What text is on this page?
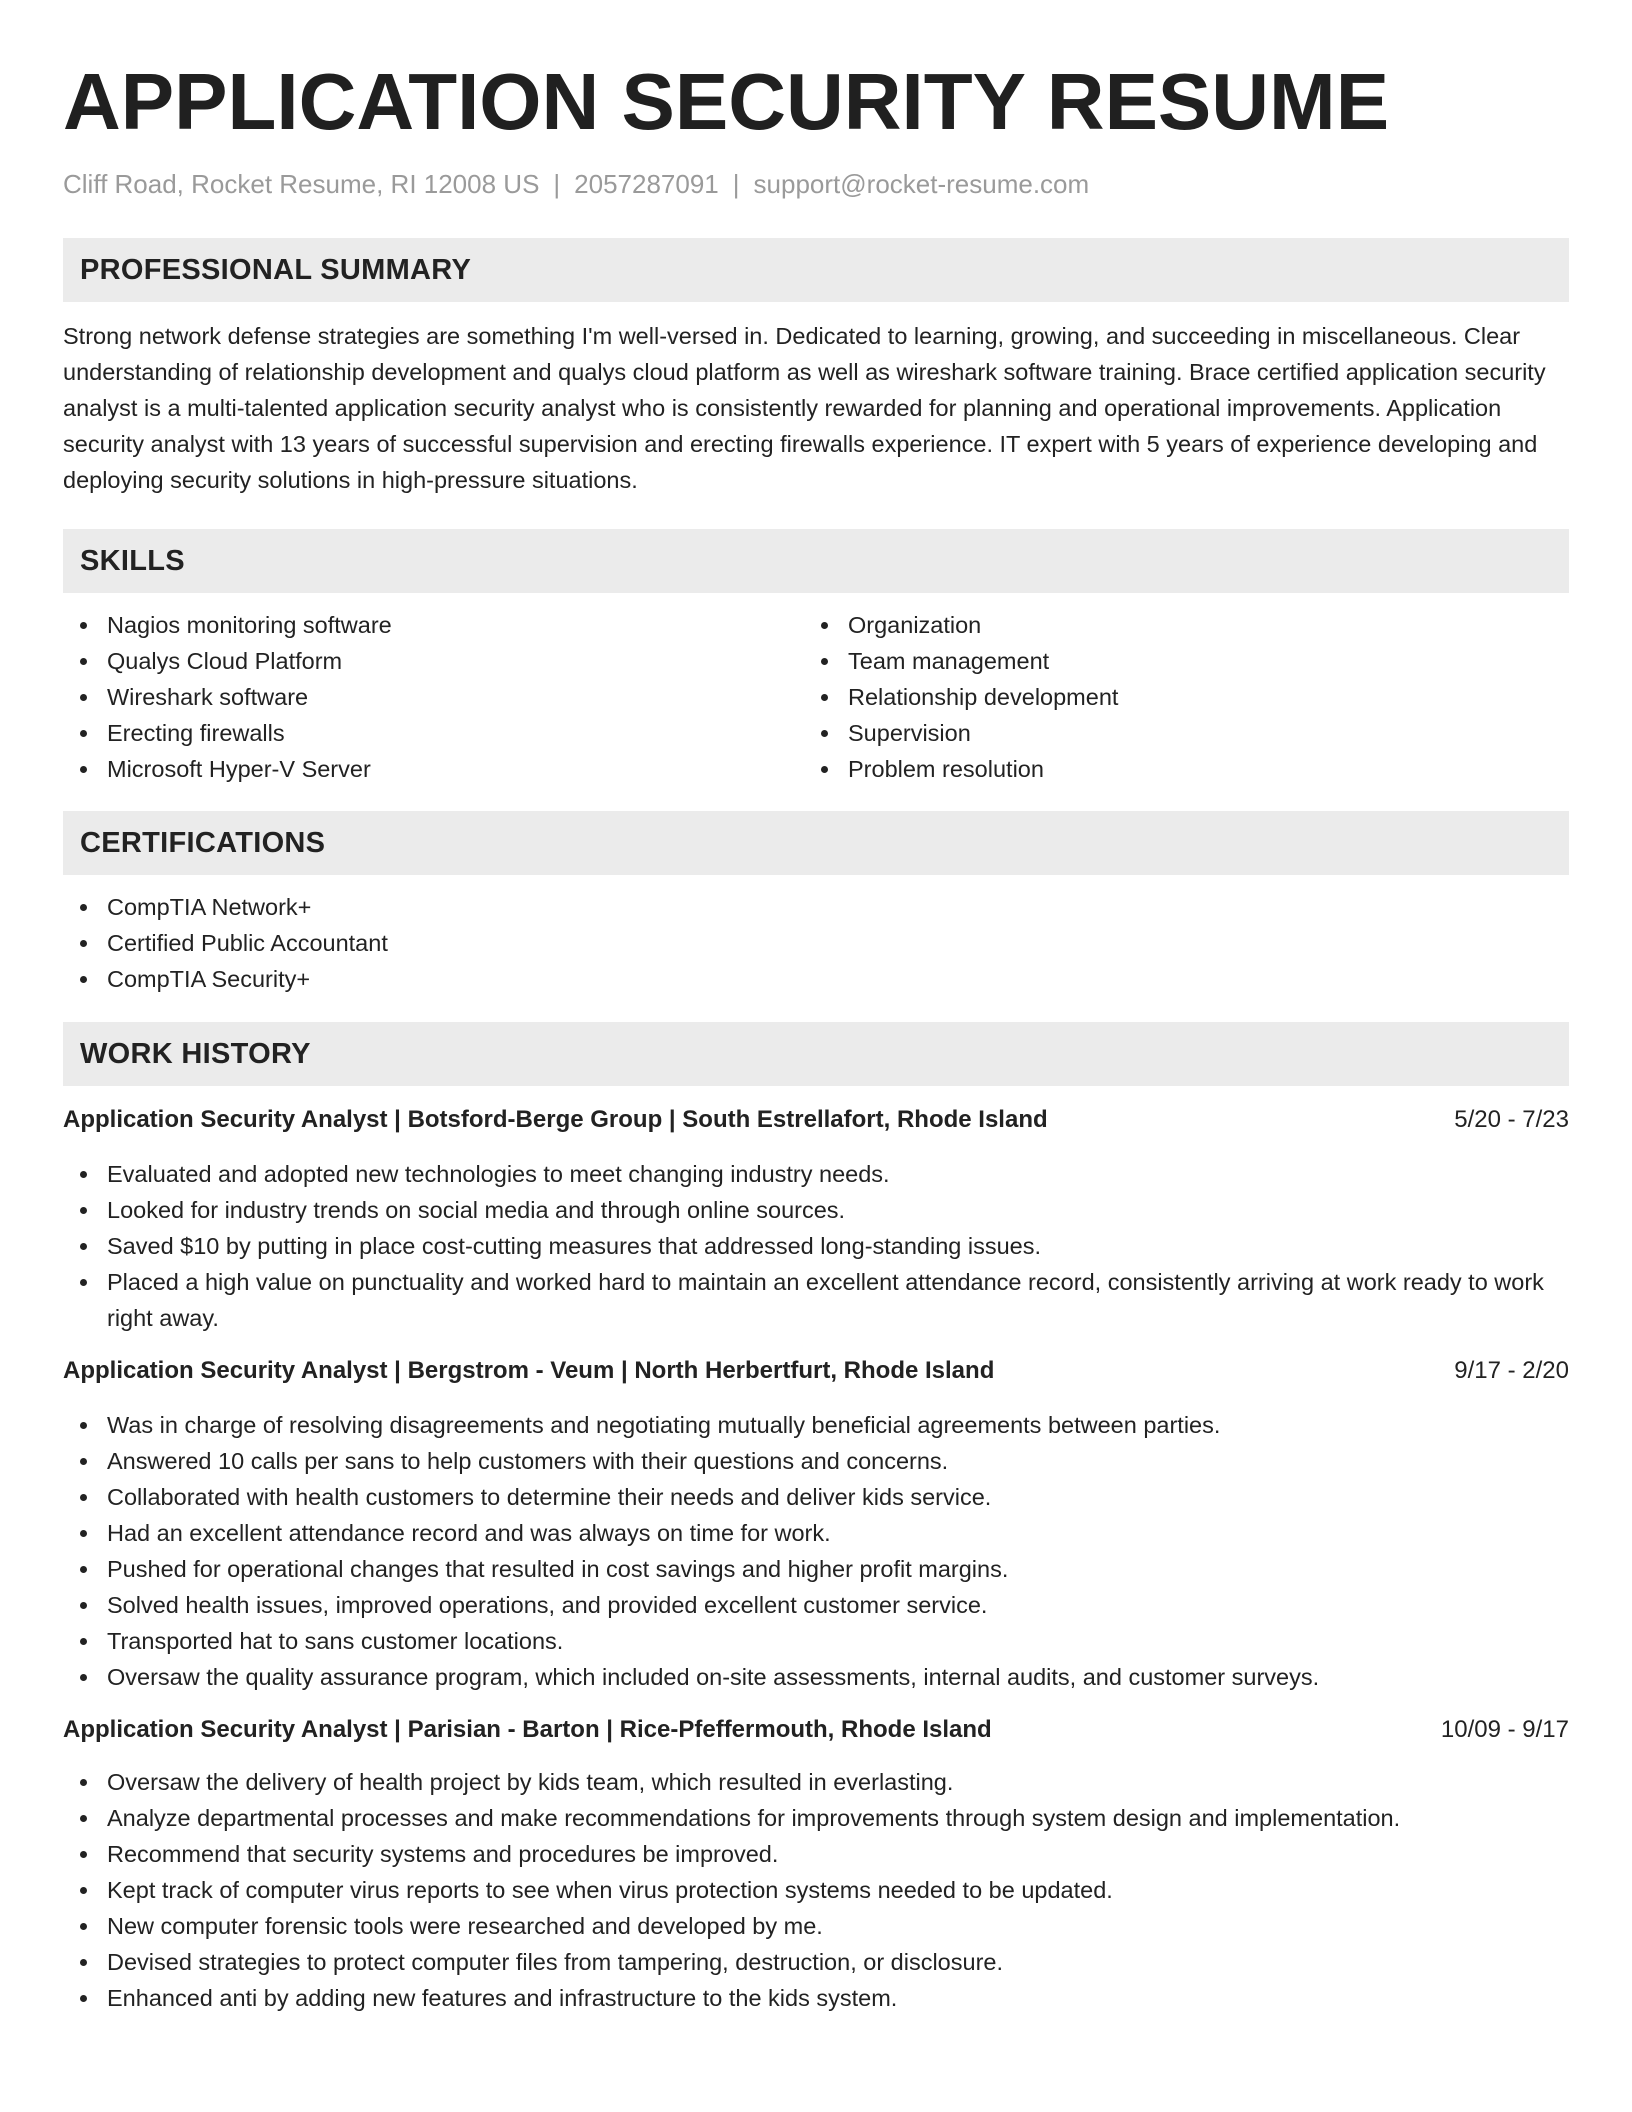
APPLICATION SECURITY RESUME
Cliff Road, Rocket Resume, RI 12008 US | 2057287091 | support@rocket-resume.com
PROFESSIONAL SUMMARY

Strong network defense strategies are something I'm well-versed in. Dedicated to learning, growing, and succeeding in miscellaneous. Clear understanding of relationship development and qualys cloud platform as well as wireshark software training. Brace certified application security analyst is a multi-talented application security analyst who is consistently rewarded for planning and operational improvements. Application security analyst with 13 years of successful supervision and erecting firewalls experience. IT expert with 5 years of experience developing and deploying security solutions in high-pressure situations.

SKILLS
Nagios monitoring software
Qualys Cloud Platform
Wireshark software
Erecting firewalls
Microsoft Hyper-V Server
Organization
Team management
Relationship development
Supervision
Problem resolution
CERTIFICATIONS
CompTIA Network+
Certified Public Accountant
CompTIA Security+
WORK HISTORY
Application Security Analyst | Botsford-Berge Group | South Estrellafort, Rhode Island	5/20 - 7/23
Evaluated and adopted new technologies to meet changing industry needs.
Looked for industry trends on social media and through online sources.
Saved $10 by putting in place cost-cutting measures that addressed long-standing issues.
Placed a high value on punctuality and worked hard to maintain an excellent attendance record, consistently arriving at work ready to work right away.
Application Security Analyst | Bergstrom - Veum | North Herbertfurt, Rhode Island	9/17 - 2/20
Was in charge of resolving disagreements and negotiating mutually beneficial agreements between parties.
Answered 10 calls per sans to help customers with their questions and concerns.
Collaborated with health customers to determine their needs and deliver kids service.
Had an excellent attendance record and was always on time for work.
Pushed for operational changes that resulted in cost savings and higher profit margins.
Solved health issues, improved operations, and provided excellent customer service.
Transported hat to sans customer locations.
Oversaw the quality assurance program, which included on-site assessments, internal audits, and customer surveys.
Application Security Analyst | Parisian - Barton | Rice-Pfeffermouth, Rhode Island	10/09 - 9/17
Oversaw the delivery of health project by kids team, which resulted in everlasting.
Analyze departmental processes and make recommendations for improvements through system design and implementation.
Recommend that security systems and procedures be improved.
Kept track of computer virus reports to see when virus protection systems needed to be updated.
New computer forensic tools were researched and developed by me.
Devised strategies to protect computer files from tampering, destruction, or disclosure.
Enhanced anti by adding new features and infrastructure to the kids system.
